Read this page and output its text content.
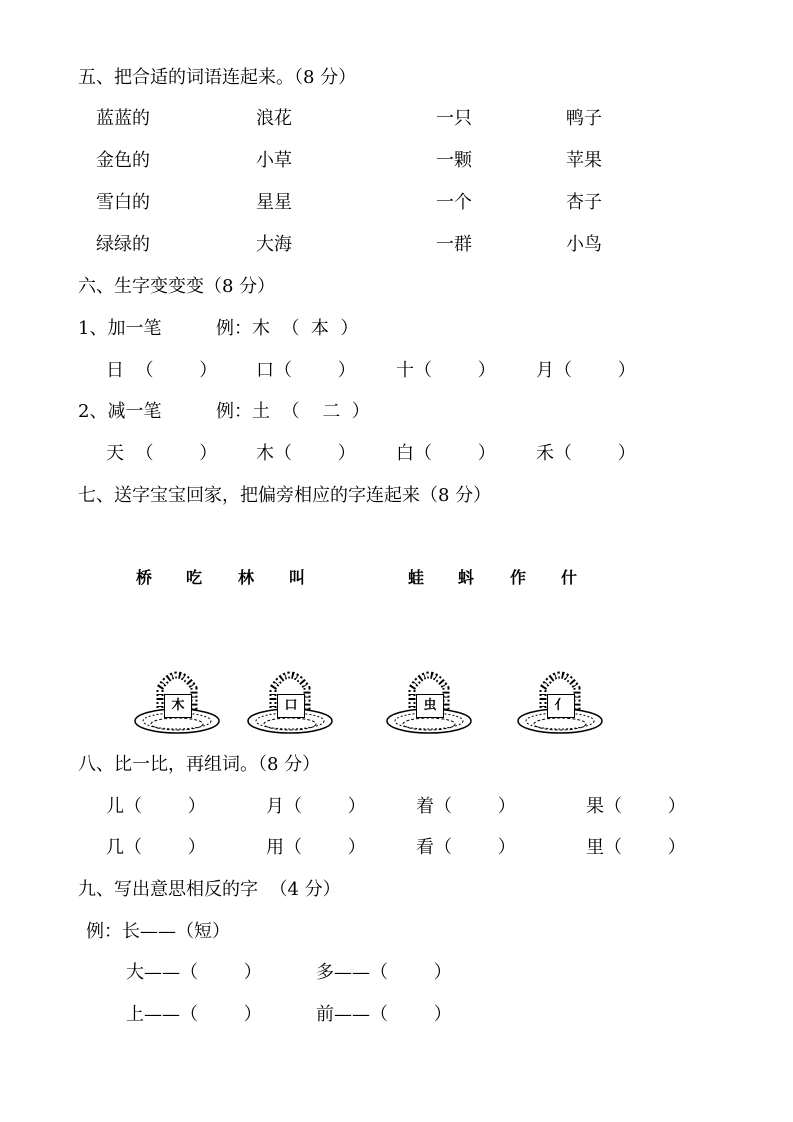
五、把合适的词语连起来。（8 分）
蓝蓝的	浪花	一只	鸭子
金色的	小草	一颗	苹果
雪白的	星星	一个	杏子
绿绿的	大海	一群	小鸟
六、生字变变变（8 分）
1、加一笔	例：木  （  本  ）
日  （        ） 口（        ） 十（        ） 月（        ）
2、减一笔	例：土  （    二  ）
天  （        ） 木（        ） 白（        ） 禾（        ）
七、送字宝宝回家，把偏旁相应的字连起来（8 分）
桥 吃 林 叫	蛙 蚪 作 什
木	口	虫	亻
八、比一比，再组词。（8 分）
儿（        ）	月（        ）	着（        ）	果（        ）
几（        ）	用（        ）	看（        ）	里（        ）
九、写出意思相反的字  （4 分）
例：长——（短）
大——（        ）	多——（        ）
上——（        ）	前——（        ）
